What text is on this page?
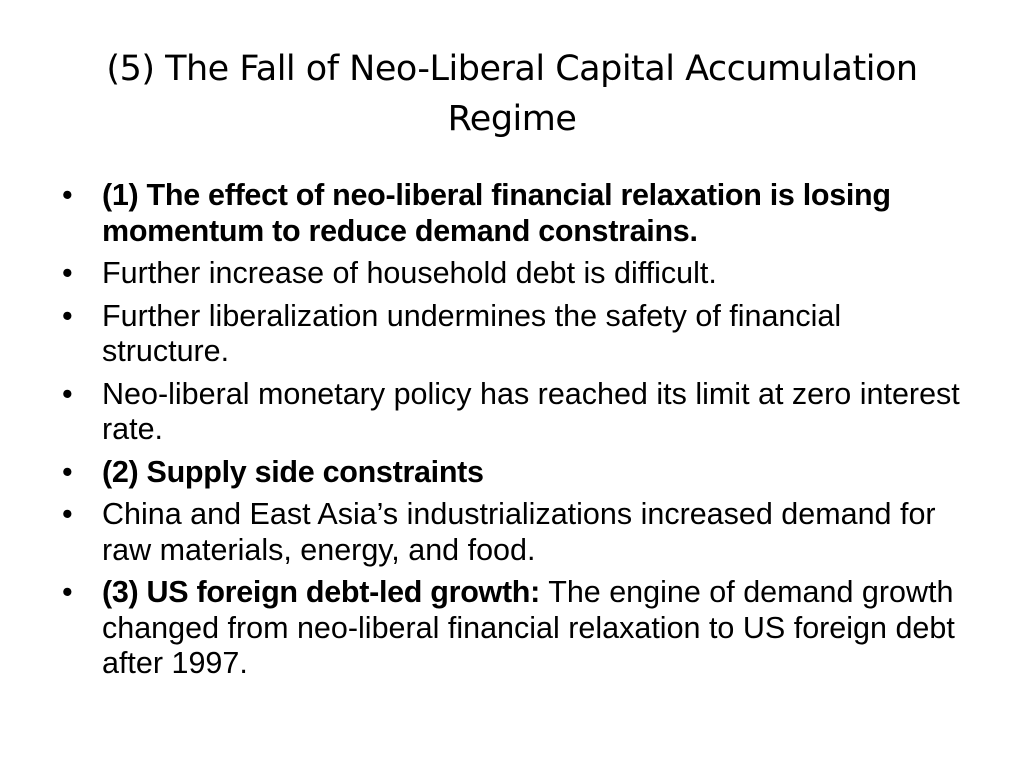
(5) The Fall of Neo-Liberal Capital Accumulation
Regime
• (1) The effect of neo-liberal financial relaxation is losing momentum to reduce demand constrains.
• Further increase of household debt is difficult.
• Further liberalization undermines the safety of financial structure.
• Neo-liberal monetary policy has reached its limit at zero interest rate.
• (2) Supply side constraints
• China and East Asia’s industrializations increased demand for raw materials, energy, and food.
• (3) US foreign debt-led growth: The engine of demand growth changed from neo-liberal financial relaxation to US foreign debt after 1997.
